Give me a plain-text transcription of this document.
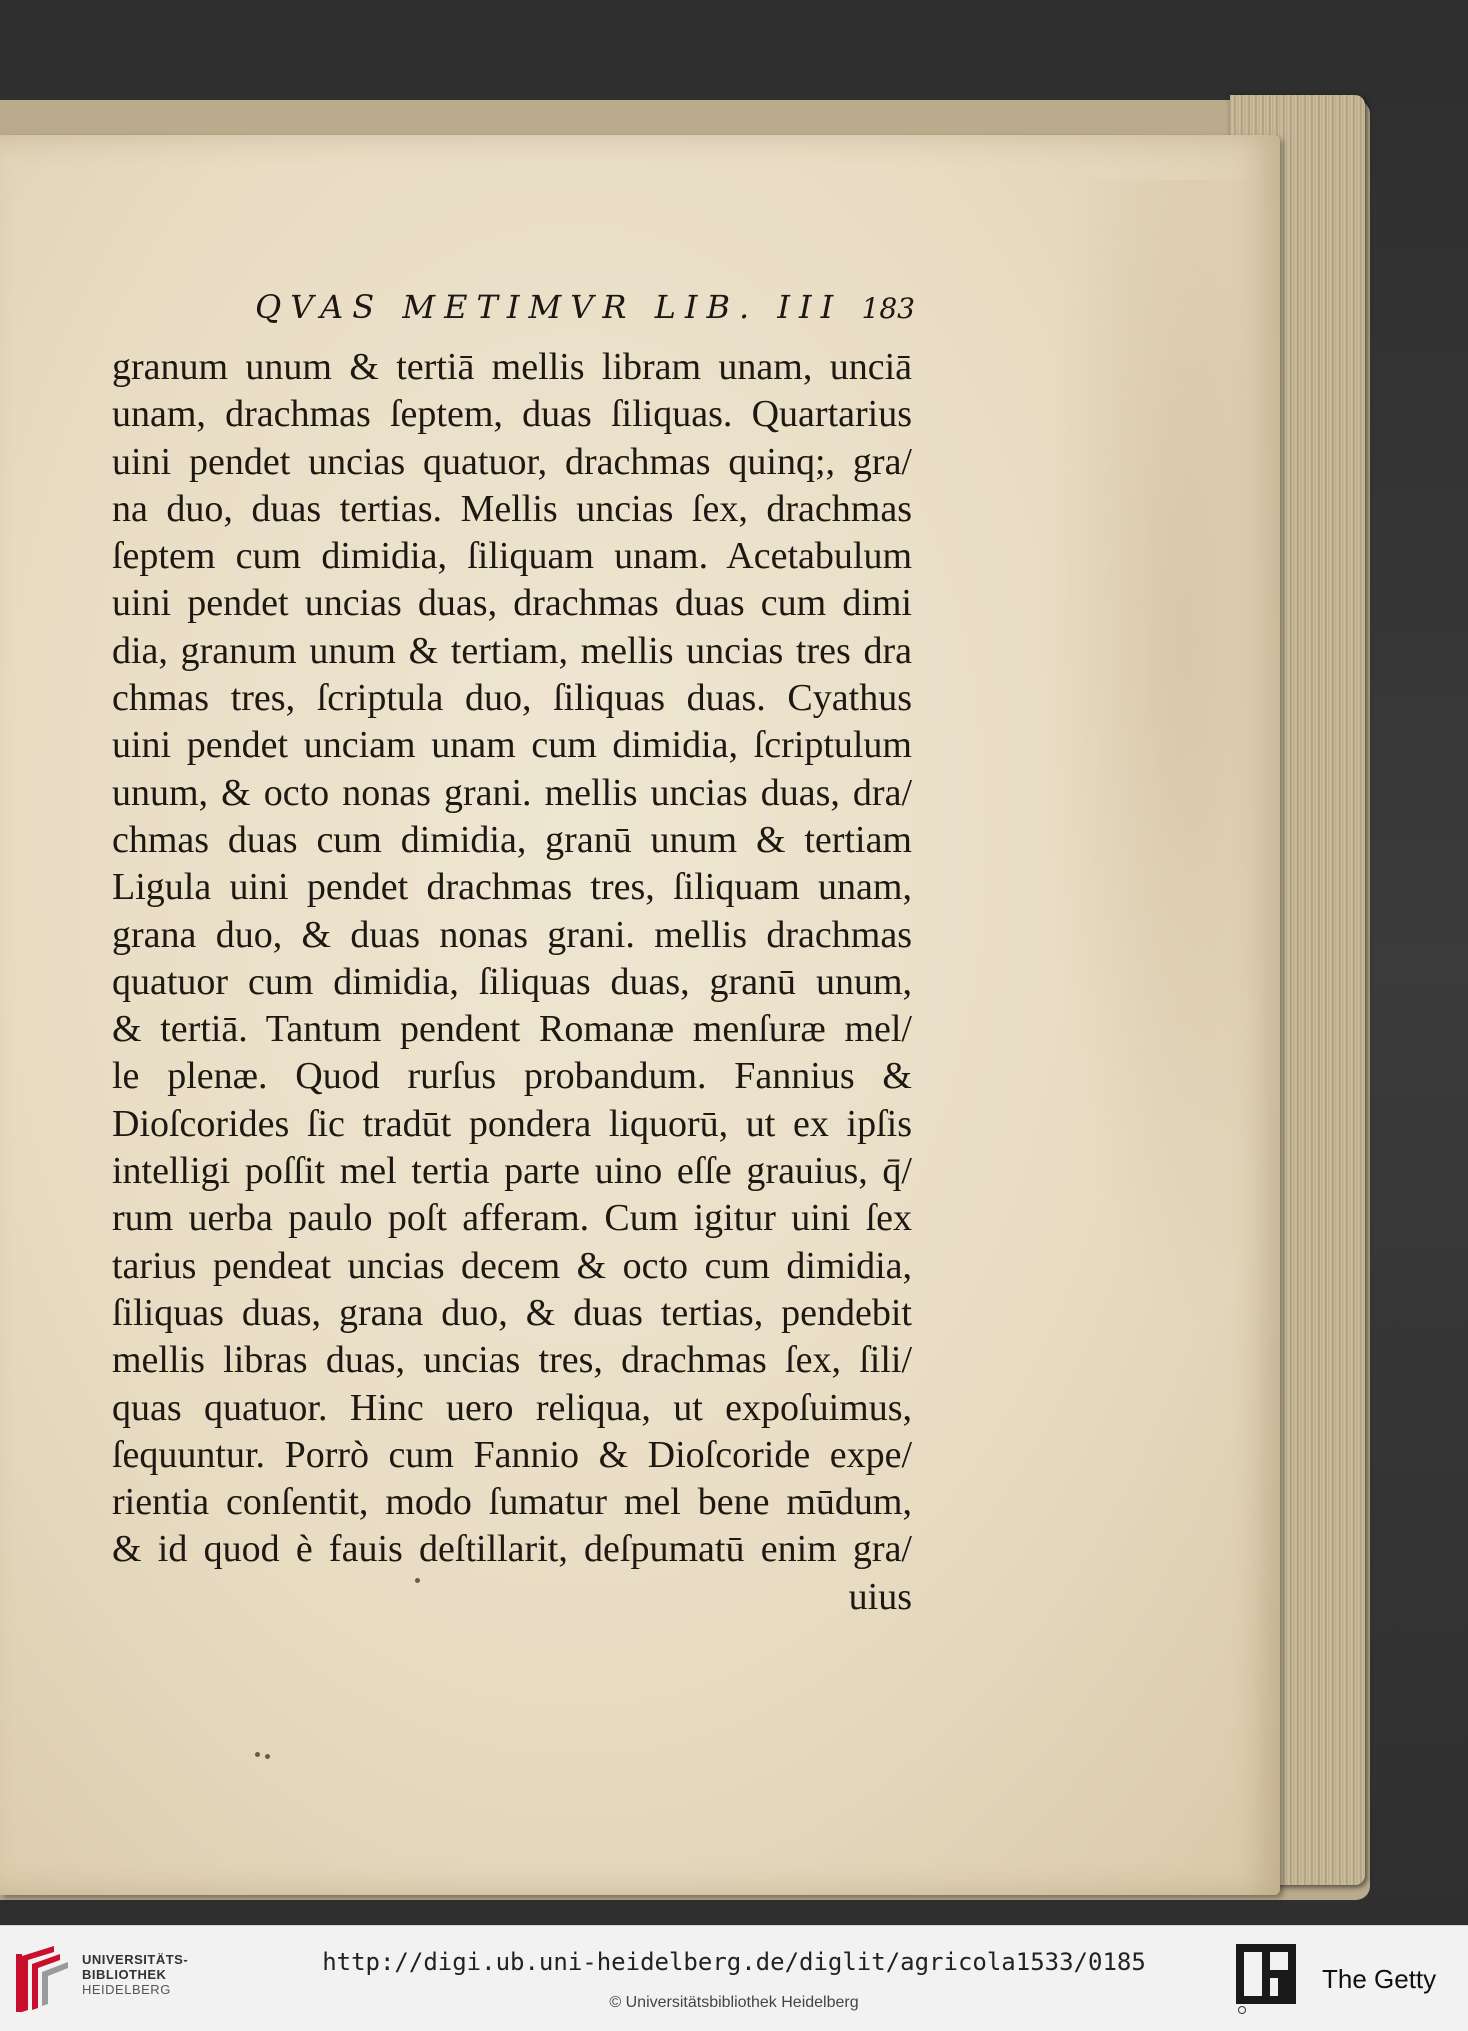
QVAS METIMVR LIB. III 183
granum unum & tertiā mellis libram unam, unciā
unam, drachmas ſeptem, duas ſiliquas. Quartarius
uini pendet uncias quatuor, drachmas quinq;, gra/
na duo, duas tertias. Mellis uncias ſex, drachmas
ſeptem cum dimidia, ſiliquam unam. Acetabulum
uini pendet uncias duas, drachmas duas cum dimi
dia, granum unum & tertiam, mellis uncias tres dra
chmas tres, ſcriptula duo, ſiliquas duas. Cyathus
uini pendet unciam unam cum dimidia, ſcriptulum
unum, & octo nonas grani. mellis uncias duas, dra/
chmas duas cum dimidia, granū unum & tertiam
Ligula uini pendet drachmas tres, ſiliquam unam,
grana duo, & duas nonas grani. mellis drachmas
quatuor cum dimidia, ſiliquas duas, granū unum,
& tertiā. Tantum pendent Romanæ menſuræ mel/
le plenæ. Quod rurſus probandum. Fannius &
Dioſcorides ſic tradūt pondera liquorū, ut ex ipſis
intelligi poſſit mel tertia parte uino eſſe grauius, q̄/
rum uerba paulo poſt afferam. Cum igitur uini ſex
tarius pendeat uncias decem & octo cum dimidia,
ſiliquas duas, grana duo, & duas tertias, pendebit
mellis libras duas, uncias tres, drachmas ſex, ſili/
quas quatuor. Hinc uero reliqua, ut expoſuimus,
ſequuntur. Porrò cum Fannio & Dioſcoride expe/
rientia conſentit, modo ſumatur mel bene mūdum,
& id quod è fauis deſtillarit, deſpumatū enim gra/
uius
UNIVERSITÄTS-
BIBLIOTHEK
HEIDELBERG
http://digi.ub.uni-heidelberg.de/diglit/agricola1533/0185
© Universitätsbibliothek Heidelberg
The Getty
